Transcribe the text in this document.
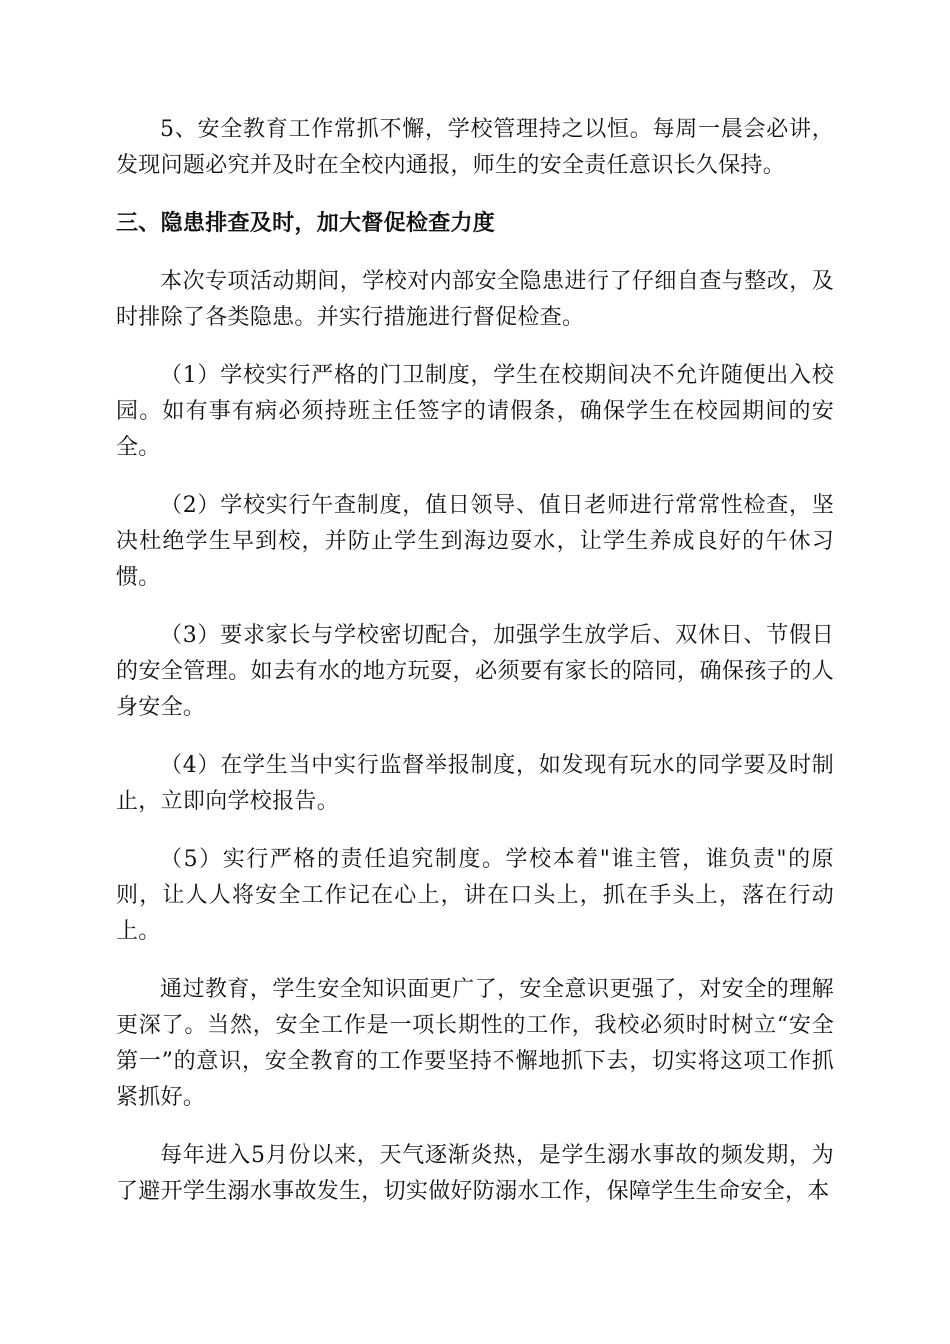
5、安全教育工作常抓不懈，学校管理持之以恒。每周一晨会必讲，发现问题必究并及时在全校内通报，师生的安全责任意识长久保持。

三、隐患排查及时，加大督促检查力度

本次专项活动期间，学校对内部安全隐患进行了仔细自查与整改，及时排除了各类隐患。并实行措施进行督促检查。

（1）学校实行严格的门卫制度，学生在校期间决不允许随便出入校园。如有事有病必须持班主任签字的请假条，确保学生在校园期间的安全。

（2）学校实行午查制度，值日领导、值日老师进行常常性检查，坚决杜绝学生早到校，并防止学生到海边耍水，让学生养成良好的午休习惯。

（3）要求家长与学校密切配合，加强学生放学后、双休日、节假日的安全管理。如去有水的地方玩耍，必须要有家长的陪同，确保孩子的人身安全。

（4）在学生当中实行监督举报制度，如发现有玩水的同学要及时制止，立即向学校报告。

（5）实行严格的责任追究制度。学校本着"谁主管，谁负责"的原则，让人人将安全工作记在心上，讲在口头上，抓在手头上，落在行动上。

通过教育，学生安全知识面更广了，安全意识更强了，对安全的理解更深了。当然，安全工作是一项长期性的工作，我校必须时时树立“安全第一”的意识，安全教育的工作要坚持不懈地抓下去，切实将这项工作抓紧抓好。

每年进入5月份以来，天气逐渐炎热，是学生溺水事故的频发期，为了避开学生溺水事故发生，切实做好防溺水工作，保障学生生命安全，本
